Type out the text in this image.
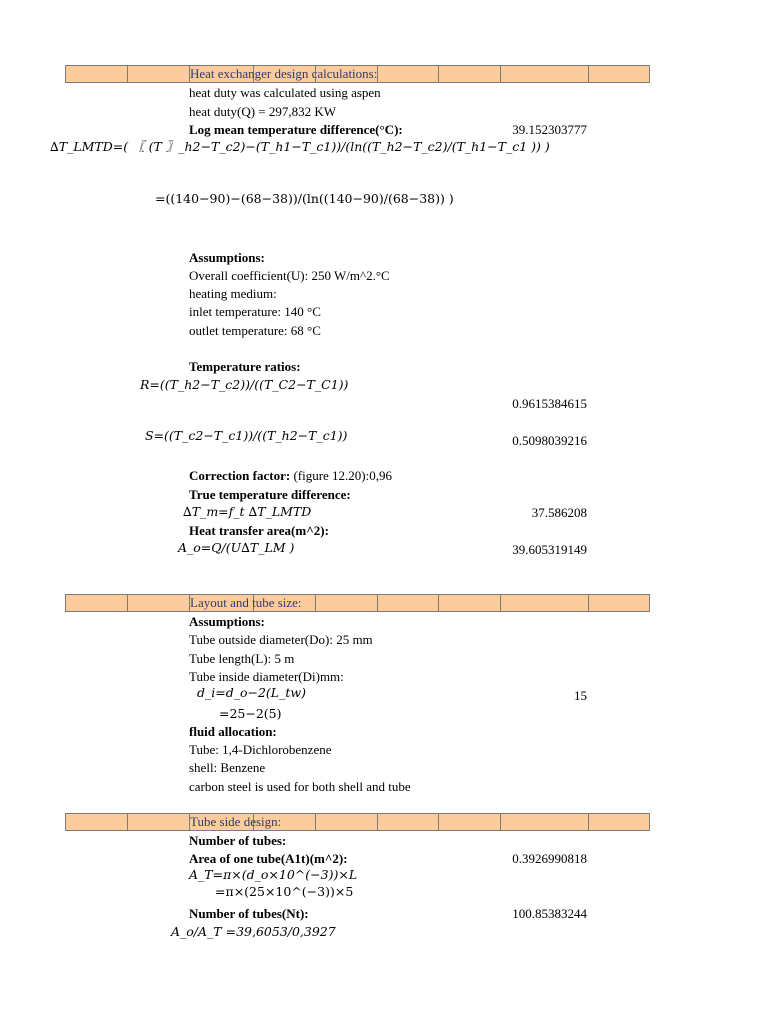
Heat exchanger design calculations:
heat duty was calculated using aspen
heat duty(Q) = 297,832 KW
Log mean temperature difference(°C):	39.152303777
∆T_LMTD=( 〖 (T 〗_h2−T_c2)−(T_h1−T_c1))/(ln((T_h2−T_c2)/(T_h1−T_c1 )) )
=((140−90)−(68−38))/(ln((140−90)/(68−38)) )
Assumptions:
Overall coefficient(U): 250 W/m^2.°C
heating medium:
inlet temperature: 140 °C
outlet temperature: 68 °C
Temperature ratios:
R=((T_h2−T_c2))/((T_C2−T_C1))
0.9615384615
S=((T_c2−T_c1))/((T_h2−T_c1))	0.5098039216
Correction factor: (figure 12.20):0,96
True temperature difference:
∆T_m=f_t ∆T_LMTD	37.586208
Heat transfer area(m^2):
A_o=Q/(U∆T_LM )	39.605319149
Layout and tube size:
Assumptions:
Tube outside diameter(Do): 25 mm
Tube length(L): 5 m
Tube inside diameter(Di)mm:
d_i=d_o−2(L_tw)	15
=25−2(5)
fluid allocation:
Tube: 1,4-Dichlorobenzene
shell: Benzene
carbon steel is used for both shell and tube
Tube side design:
Number of tubes:
Area of one tube(A1t)(m^2):	0.3926990818
A_T=π×(d_o×10^(−3))×L
=π×(25×10^(−3))×5
Number of tubes(Nt):	100.85383244
A_o/A_T =39,6053/0,3927
